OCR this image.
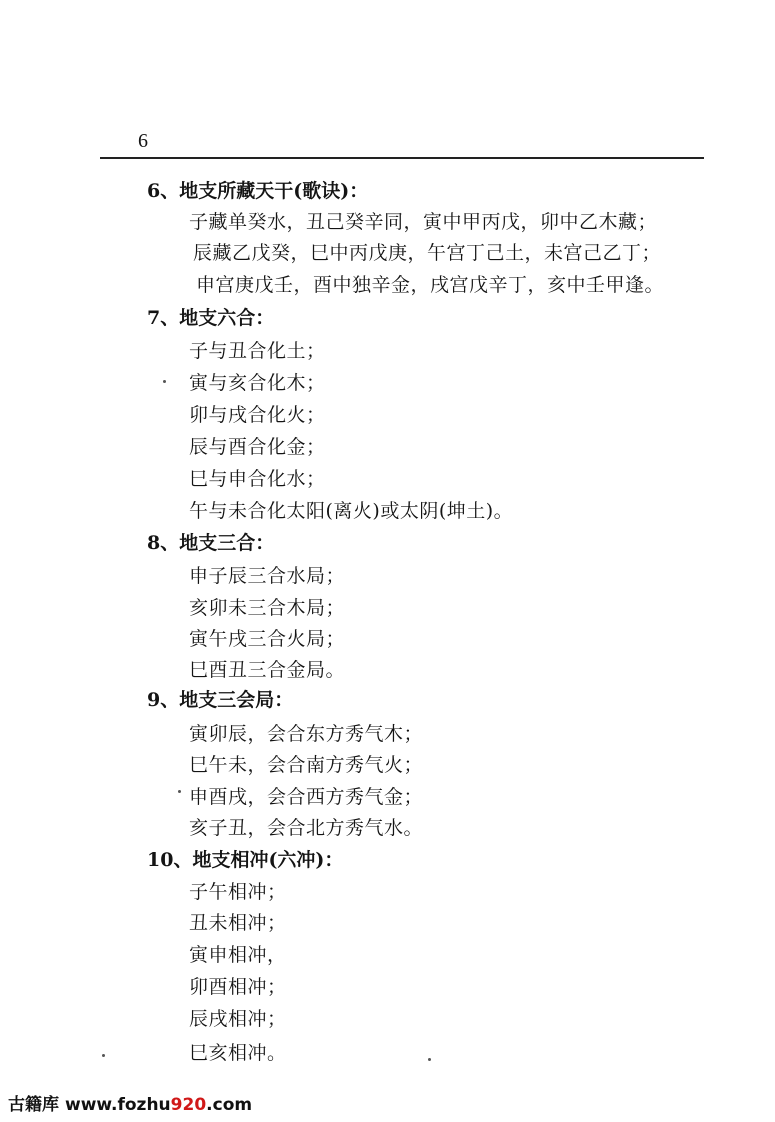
6
6、地支所藏天干(歌诀)：
子藏单癸水，丑己癸辛同，寅中甲丙戊，卯中乙木藏；
辰藏乙戊癸，巳中丙戊庚，午宫丁己土，未宫己乙丁；
申宫庚戊壬，酉中独辛金，戌宫戊辛丁，亥中壬甲逢。
7、地支六合：
子与丑合化土；
寅与亥合化木；
卯与戌合化火；
辰与酉合化金；
巳与申合化水；
午与未合化太阳(离火)或太阴(坤土)。
8、地支三合：
申子辰三合水局；
亥卯未三合木局；
寅午戌三合火局；
巳酉丑三合金局。
9、地支三会局：
寅卯辰，会合东方秀气木；
巳午未，会合南方秀气火；
申酉戌，会合西方秀气金；
亥子丑，会合北方秀气水。
10、地支相冲(六冲)：
子午相冲；
丑未相冲；
寅申相冲，
卯酉相冲；
辰戌相冲；
巳亥相冲。
古籍库 www.fozhu920.com
